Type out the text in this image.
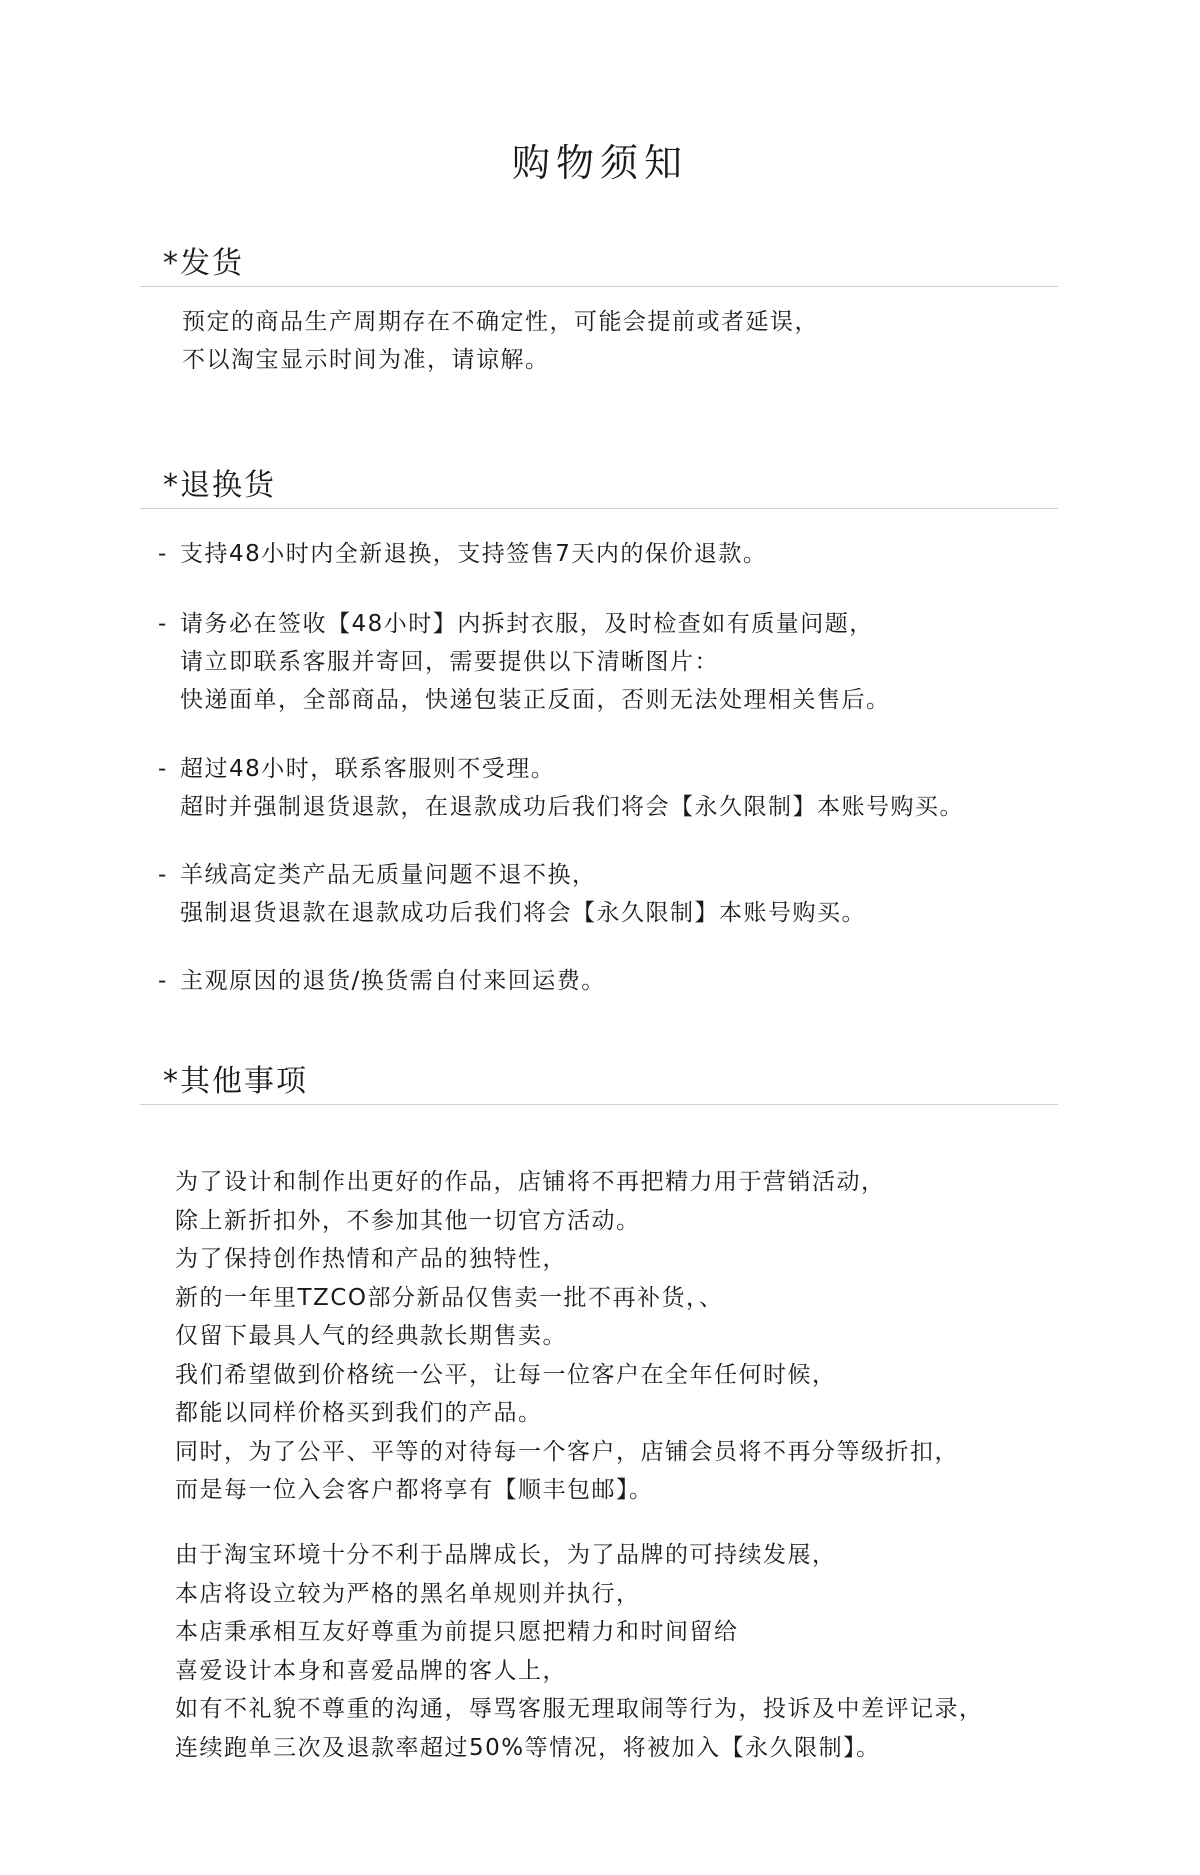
购物须知
*发货
预定的商品生产周期存在不确定性，可能会提前或者延误，
不以淘宝显示时间为准，请谅解。
*退换货
- 支持48小时内全新退换，支持签售7天内的保价退款。
- 请务必在签收【48小时】内拆封衣服，及时检查如有质量问题，
请立即联系客服并寄回，需要提供以下清晰图片：
快递面单，全部商品，快递包装正反面，否则无法处理相关售后。
- 超过48小时，联系客服则不受理。
超时并强制退货退款，在退款成功后我们将会【永久限制】本账号购买。
- 羊绒高定类产品无质量问题不退不换，
强制退货退款在退款成功后我们将会【永久限制】本账号购买。
- 主观原因的退货/换货需自付来回运费。
*其他事项
为了设计和制作出更好的作品，店铺将不再把精力用于营销活动，
除上新折扣外，不参加其他一切官方活动。
为了保持创作热情和产品的独特性，
新的一年里TZCO部分新品仅售卖一批不再补货，、
仅留下最具人气的经典款长期售卖。
我们希望做到价格统一公平，让每一位客户在全年任何时候，
都能以同样价格买到我们的产品。
同时，为了公平、平等的对待每一个客户，店铺会员将不再分等级折扣，
而是每一位入会客户都将享有【顺丰包邮】。
由于淘宝环境十分不利于品牌成长，为了品牌的可持续发展，
本店将设立较为严格的黑名单规则并执行，
本店秉承相互友好尊重为前提只愿把精力和时间留给
喜爱设计本身和喜爱品牌的客人上，
如有不礼貌不尊重的沟通，辱骂客服无理取闹等行为，投诉及中差评记录，
连续跑单三次及退款率超过50%等情况，将被加入【永久限制】。
